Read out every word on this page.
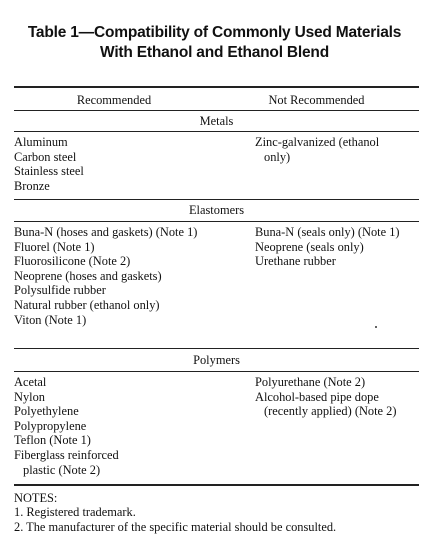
Table 1—Compatibility of Commonly Used Materials
With Ethanol and Ethanol Blend
Recommended	Not Recommended
Metals
Aluminum
Carbon steel
Stainless steel
Bronze
Zinc-galvanized (ethanol only)
Elastomers
Buna-N (hoses and gaskets) (Note 1)
Fluorel (Note 1)
Fluorosilicone (Note 2)
Neoprene (hoses and gaskets)
Polysulfide rubber
Natural rubber (ethanol only)
Viton (Note 1)
Buna-N (seals only) (Note 1)
Neoprene (seals only)
Urethane rubber
Polymers
Acetal
Nylon
Polyethylene
Polypropylene
Teflon (Note 1)
Fiberglass reinforced plastic (Note 2)
Polyurethane (Note 2)
Alcohol-based pipe dope (recently applied) (Note 2)
NOTES:
1. Registered trademark.
2. The manufacturer of the specific material should be consulted.
